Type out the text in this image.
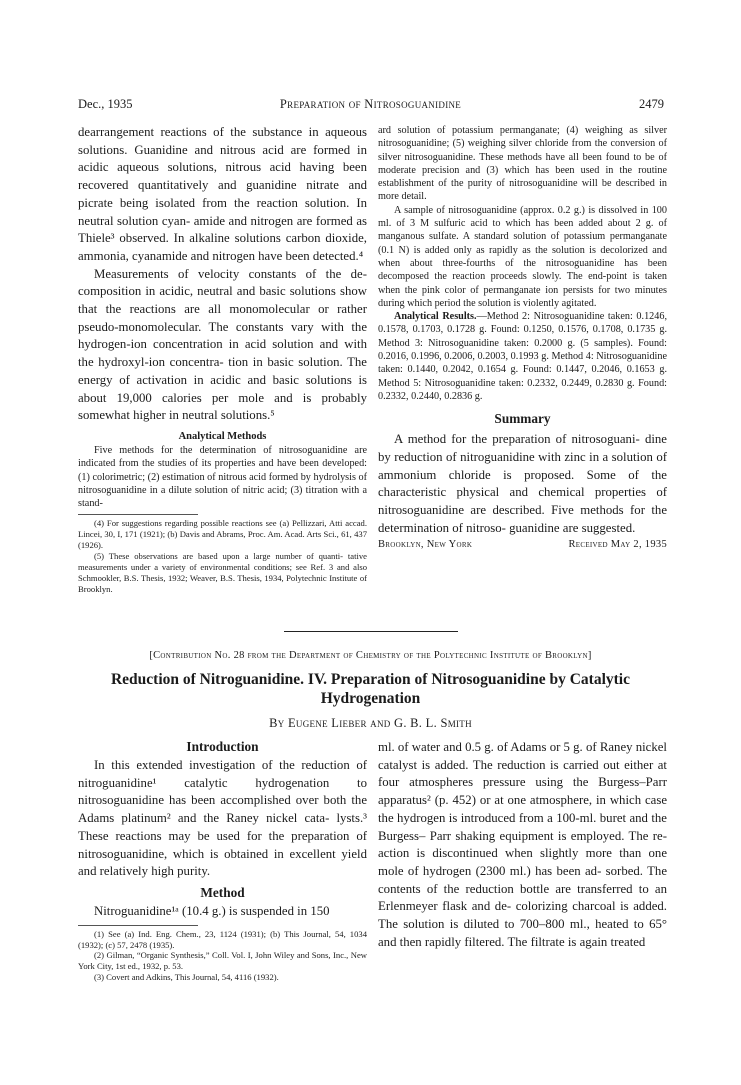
Dec., 1935	Preparation of Nitrosoguanidine	2479

dearrangement reactions of the substance in aqueous solutions. Guanidine and nitrous acid are formed in acidic aqueous solutions, nitrous acid having been recovered quantitatively and guanidine nitrate and picrate being isolated from the reaction solution. In neutral solution cyan- amide and nitrogen are formed as Thiele³ observed. In alkaline solutions carbon dioxide, ammonia, cyanamide and nitrogen have been detected.⁴

Measurements of velocity constants of the de- composition in acidic, neutral and basic solutions show that the reactions are all monomolecular or rather pseudo-monomolecular. The constants vary with the hydrogen-ion concentration in acid solution and with the hydroxyl-ion concentra- tion in basic solution. The energy of activation in acidic and basic solutions is about 19,000 calories per mole and is probably somewhat higher in neutral solutions.⁵

Analytical Methods

Five methods for the determination of nitrosoguanidine are indicated from the studies of its properties and have been developed: (1) colorimetric; (2) estimation of nitrous acid formed by hydrolysis of nitrosoguanidine in a dilute solution of nitric acid; (3) titration with a stand-

(4) For suggestions regarding possible reactions see (a) Pellizzari, Atti accad. Lincei, 30, I, 171 (1921); (b) Davis and Abrams, Proc. Am. Acad. Arts Sci., 61, 437 (1926).

(5) These observations are based upon a large number of quanti- tative measurements under a variety of environmental conditions; see Ref. 3 and also Schmookler, B.S. Thesis, 1932; Weaver, B.S. Thesis, 1934, Polytechnic Institute of Brooklyn.

ard solution of potassium permanganate; (4) weighing as silver nitrosoguanidine; (5) weighing silver chloride from the conversion of silver nitrosoguanidine. These methods have all been found to be of moderate precision and (3) which has been used in the routine establishment of the purity of nitrosoguanidine will be described in more detail.

A sample of nitrosoguanidine (approx. 0.2 g.) is dissolved in 100 ml. of 3 M sulfuric acid to which has been added about 2 g. of manganous sulfate. A standard solution of potassium permanganate (0.1 N) is added only as rapidly as the solution is decolorized and when about three-fourths of the nitrosoguanidine has been decomposed the reaction proceeds slowly. The end-point is taken when the pink color of permanganate ion persists for two minutes during which period the solution is violently agitated.

Analytical Results.—Method 2: Nitrosoguanidine taken: 0.1246, 0.1578, 0.1703, 0.1728 g. Found: 0.1250, 0.1576, 0.1708, 0.1735 g. Method 3: Nitrosoguanidine taken: 0.2000 g. (5 samples). Found: 0.2016, 0.1996, 0.2006, 0.2003, 0.1993 g. Method 4: Nitrosoguanidine taken: 0.1440, 0.2042, 0.1654 g. Found: 0.1447, 0.2046, 0.1653 g. Method 5: Nitrosoguanidine taken: 0.2332, 0.2449, 0.2830 g. Found: 0.2332, 0.2440, 0.2836 g.

Summary

A method for the preparation of nitrosoguani- dine by reduction of nitroguanidine with zinc in a solution of ammonium chloride is proposed. Some of the characteristic physical and chemical properties of nitrosoguanidine are described. Five methods for the determination of nitroso- guanidine are suggested.

Brooklyn, New York	Received May 2, 1935
[Contribution No. 28 from the Department of Chemistry of the Polytechnic Institute of Brooklyn]

Reduction of Nitroguanidine. IV. Preparation of Nitrosoguanidine by Catalytic

Hydrogenation

By Eugene Lieber and G. B. L. Smith

Introduction

In this extended investigation of the reduction of nitroguanidine¹ catalytic hydrogenation to nitrosoguanidine has been accomplished over both the Adams platinum² and the Raney nickel cata- lysts.³ These reactions may be used for the preparation of nitrosoguanidine, which is obtained in excellent yield and relatively high purity.

Method

Nitroguanidine¹ᵃ (10.4 g.) is suspended in 150

(1) See (a) Ind. Eng. Chem., 23, 1124 (1931); (b) This Journal, 54, 1034 (1932); (c) 57, 2478 (1935).

(2) Gilman, “Organic Synthesis,” Coll. Vol. I, John Wiley and Sons, Inc., New York City, 1st ed., 1932, p. 53.

(3) Covert and Adkins, This Journal, 54, 4116 (1932).

ml. of water and 0.5 g. of Adams or 5 g. of Raney nickel catalyst is added. The reduction is carried out either at four atmospheres pressure using the Burgess–Parr apparatus² (p. 452) or at one atmosphere, in which case the hydrogen is introduced from a 100-ml. buret and the Burgess– Parr shaking equipment is employed. The re- action is discontinued when slightly more than one mole of hydrogen (2300 ml.) has been ad- sorbed. The contents of the reduction bottle are transferred to an Erlenmeyer flask and de- colorizing charcoal is added. The solution is diluted to 700–800 ml., heated to 65° and then rapidly filtered. The filtrate is again treated
